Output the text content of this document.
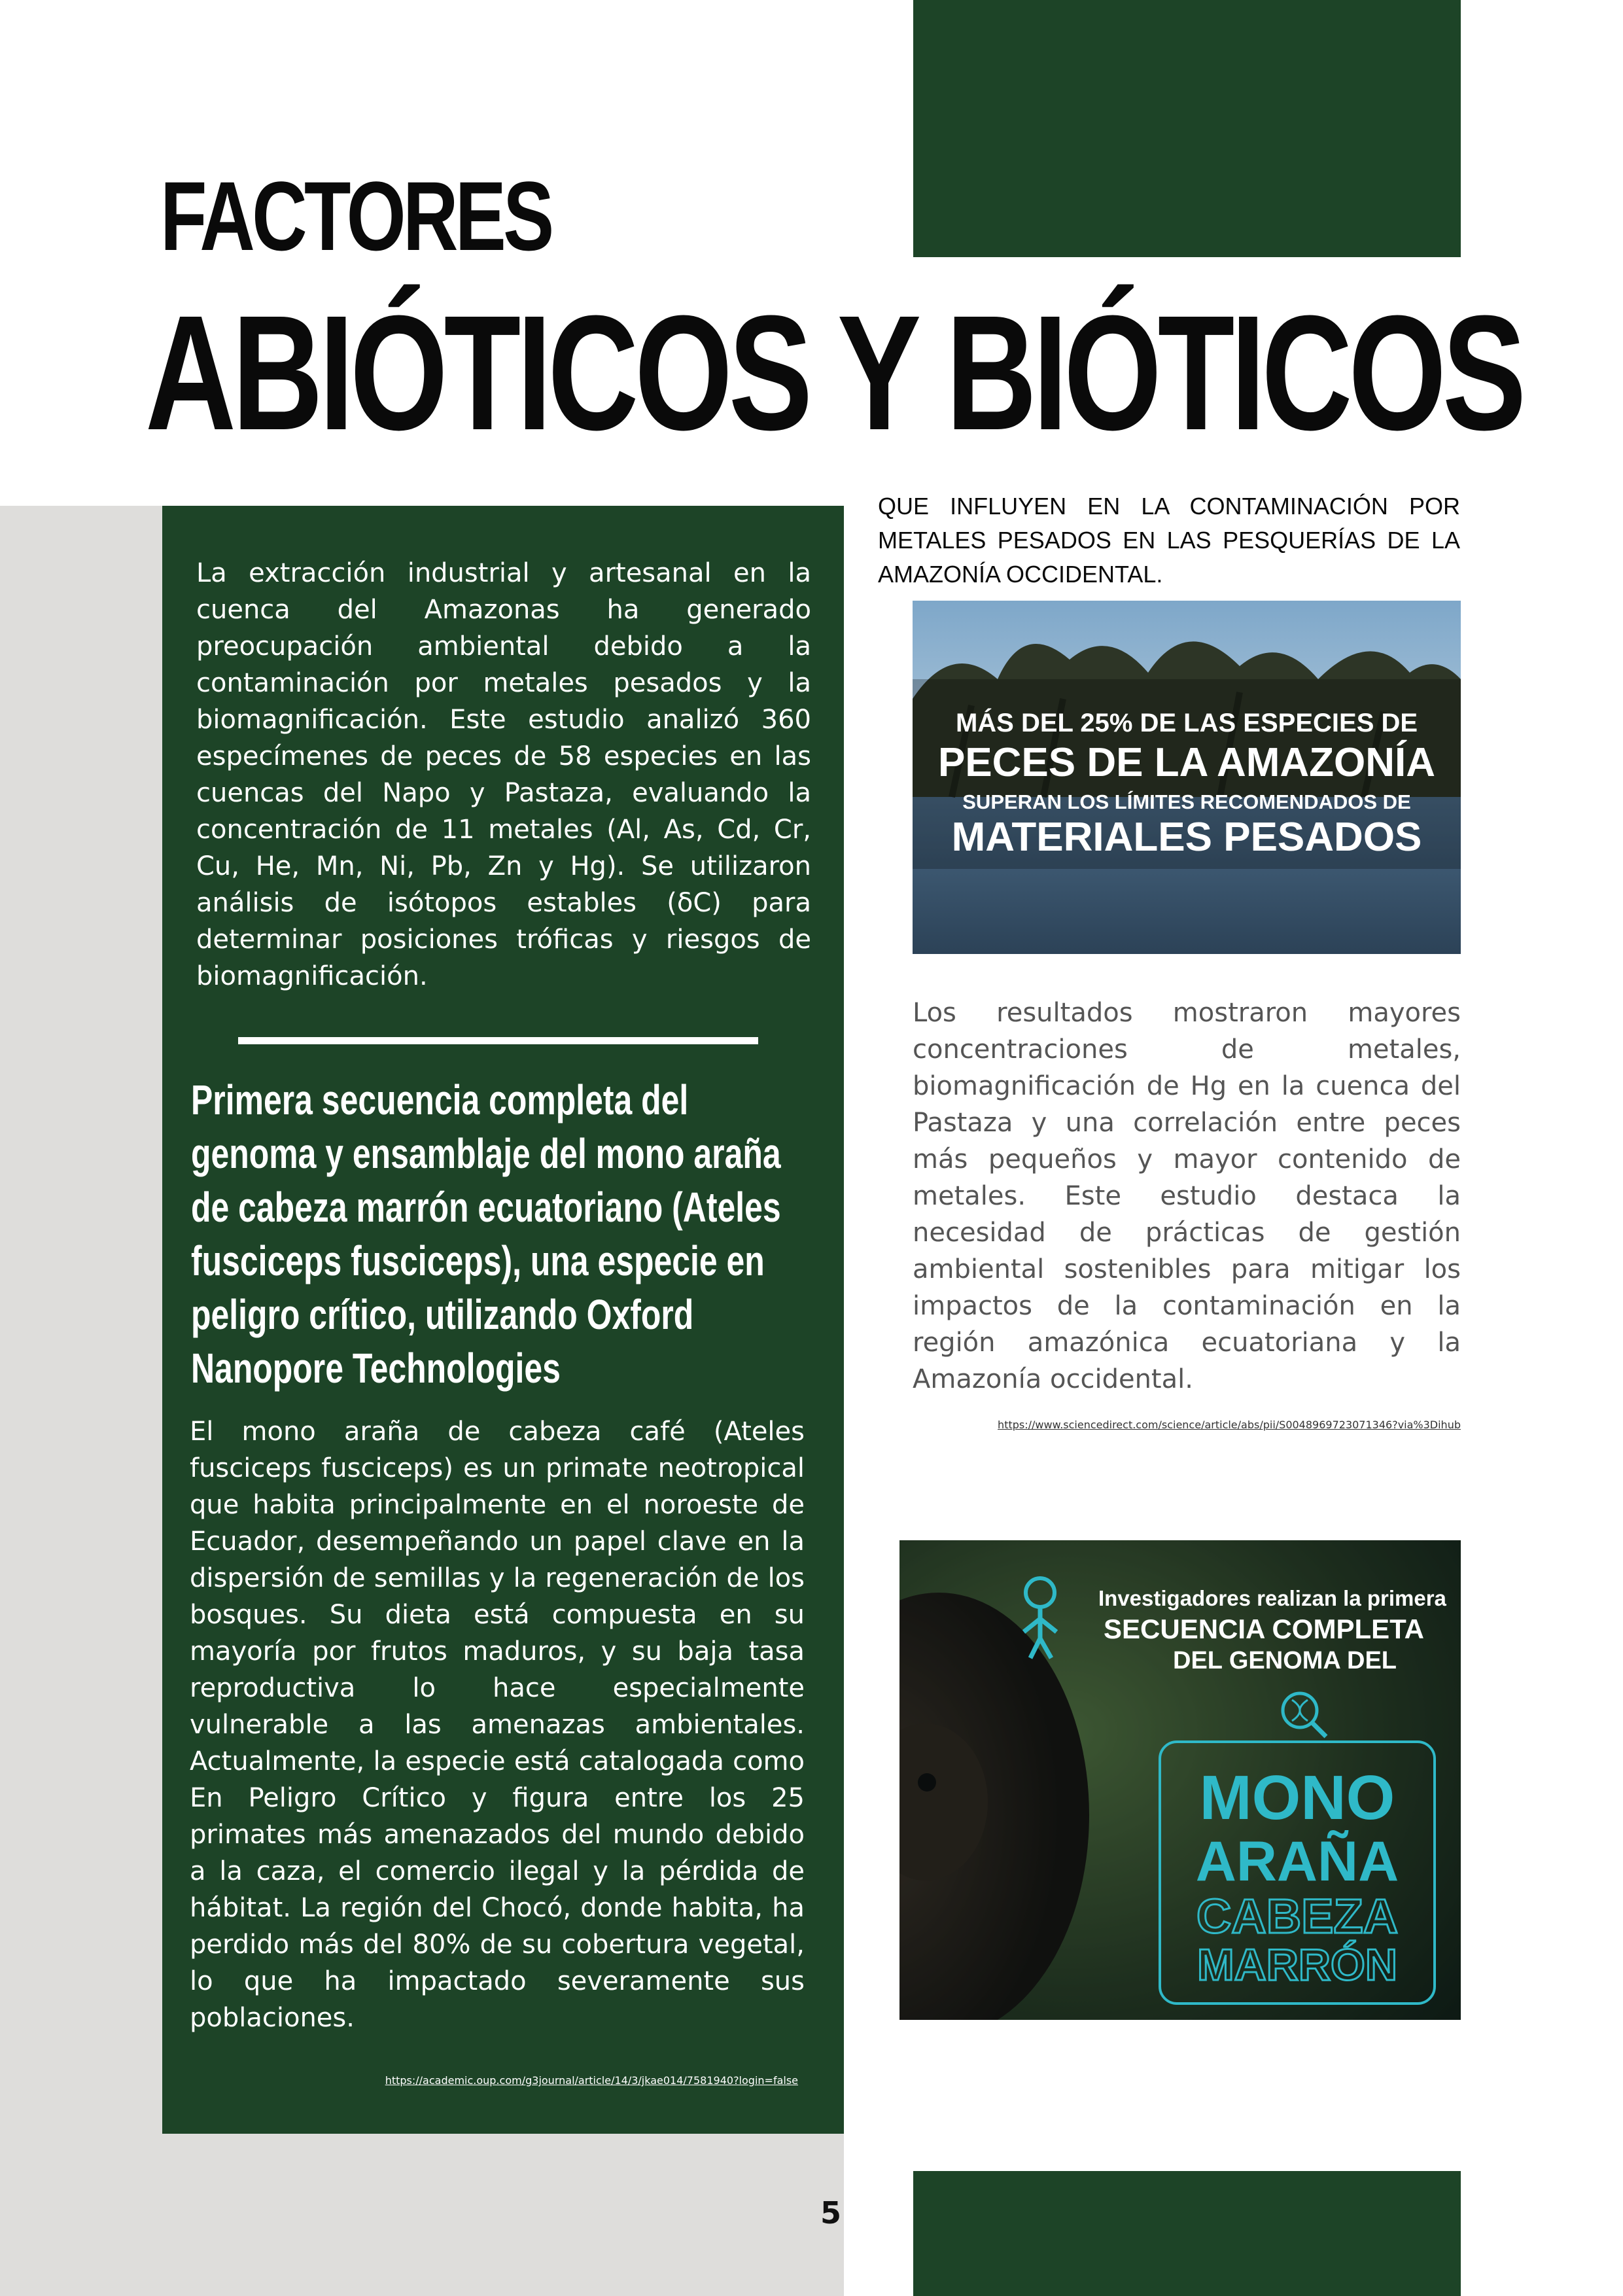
FACTORES
ABIÓTICOS Y BIÓTICOS

QUE INFLUYEN EN LA CONTAMINACIÓN POR METALES PESADOS EN LAS PESQUERÍAS DE LA AMAZONÍA OCCIDENTAL.

La extracción industrial y artesanal en la cuenca del Amazonas ha generado preocupación ambiental debido a la contaminación por metales pesados y la biomagnificación. Este estudio analizó 360 especímenes de peces de 58 especies en las cuencas del Napo y Pastaza, evaluando la concentración de 11 metales (Al, As, Cd, Cr, Cu, He, Mn, Ni, Pb, Zn y Hg). Se utilizaron análisis de isótopos estables (δC) para determinar posiciones tróficas y riesgos de biomagnificación.

Primera secuencia completa del
genoma y ensamblaje del mono araña
de cabeza marrón ecuatoriano (Ateles
fusciceps fusciceps), una especie en
peligro crítico, utilizando Oxford
Nanopore Technologies

El mono araña de cabeza café (Ateles fusciceps fusciceps) es un primate neotropical que habita principalmente en el noroeste de Ecuador, desempeñando un papel clave en la dispersión de semillas y la regeneración de los bosques. Su dieta está compuesta en su mayoría por frutos maduros, y su baja tasa reproductiva lo hace especialmente vulnerable a las amenazas ambientales. Actualmente, la especie está catalogada como En Peligro Crítico y figura entre los 25 primates más amenazados del mundo debido a la caza, el comercio ilegal y la pérdida de hábitat. La región del Chocó, donde habita, ha perdido más del 80% de su cobertura vegetal, lo que ha impactado severamente sus poblaciones.

https://academic.oup.com/g3journal/article/14/3/jkae014/7581940?login=false
MÁS DEL 25% DE LAS ESPECIES DE
PECES DE LA AMAZONÍA
SUPERAN LOS LÍMITES RECOMENDADOS DE
MATERIALES PESADOS

Los resultados mostraron mayores concentraciones de metales, biomagnificación de Hg en la cuenca del Pastaza y una correlación entre peces más pequeños y mayor contenido de metales. Este estudio destaca la necesidad de prácticas de gestión ambiental sostenibles para mitigar los impactos de la contaminación en la región amazónica ecuatoriana y la Amazonía occidental.

https://www.sciencedirect.com/science/article/abs/pii/S0048969723071346?via%3Dihub
Investigadores realizan la primera
SECUENCIA COMPLETA
DEL GENOMA DEL
MONO
ARAÑA
CABEZA
MARRÓN
5
